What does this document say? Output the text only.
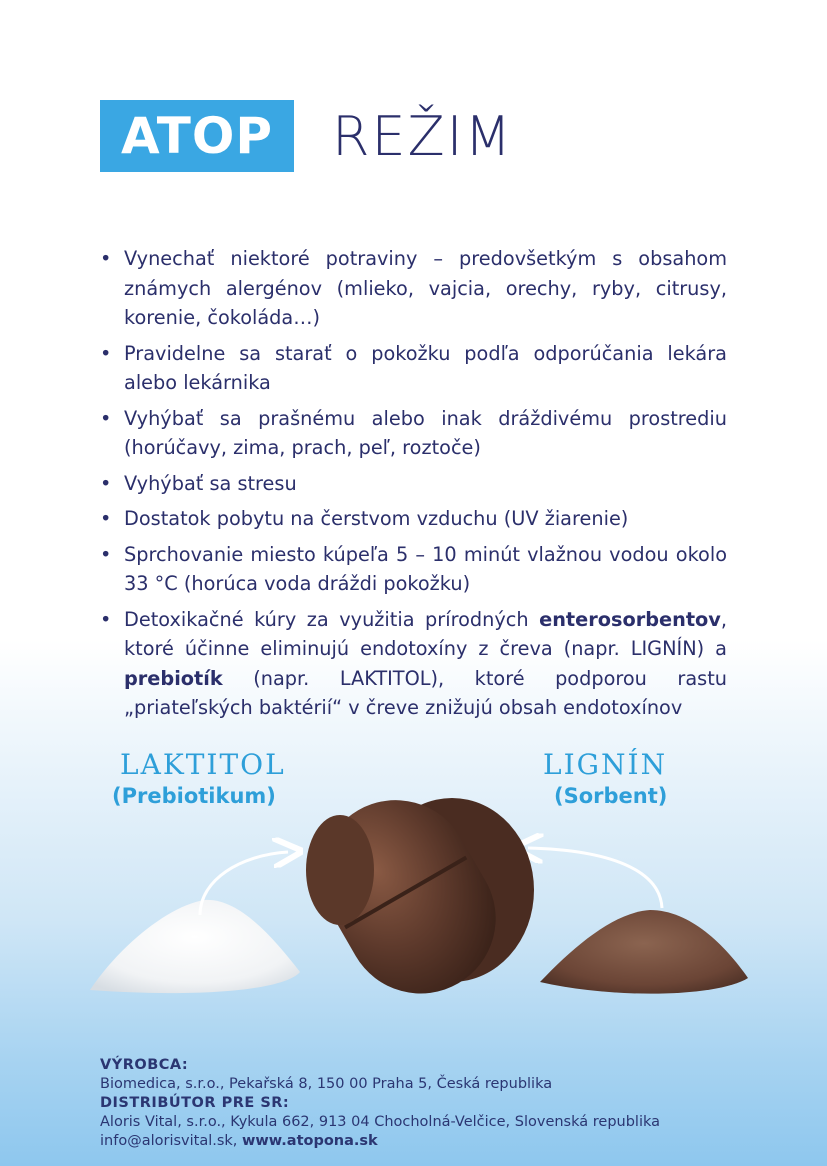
ATOP REŽIM
• Vynechať niektoré potraviny – predovšetkým s obsahom známych alergénov (mlieko, vajcia, orechy, ryby, citrusy, korenie, čokoláda…)
• Pravidelne sa starať o pokožku podľa odporúčania lekára alebo lekárnika
• Vyhýbať sa prašnému alebo inak dráždivému prostrediu (horúčavy, zima, prach, peľ, roztoče)
• Vyhýbať sa stresu
• Dostatok pobytu na čerstvom vzduchu (UV žiarenie)
• Sprchovanie miesto kúpeľa 5 – 10 minút vlažnou vodou okolo 33 °C (horúca voda dráždi pokožku)
• Detoxikačné kúry za využitia prírodných enterosorbentov, ktoré účinne eliminujú endotoxíny z čreva (napr. LIGNÍN) a prebiotík (napr. LAKTITOL), ktoré podporou rastu „priateľských baktérií“ v čreve znižujú obsah endotoxínov
LAKTITOL
(Prebiotikum)
LIGNÍN
(Sorbent)
VÝROBCA:
Biomedica, s.r.o., Pekařská 8, 150 00 Praha 5, Česká republika
DISTRIBÚTOR PRE SR:
Aloris Vital, s.r.o., Kykula 662, 913 04 Chocholná-Velčice, Slovenská republika
info@alorisvital.sk, www.atopona.sk
